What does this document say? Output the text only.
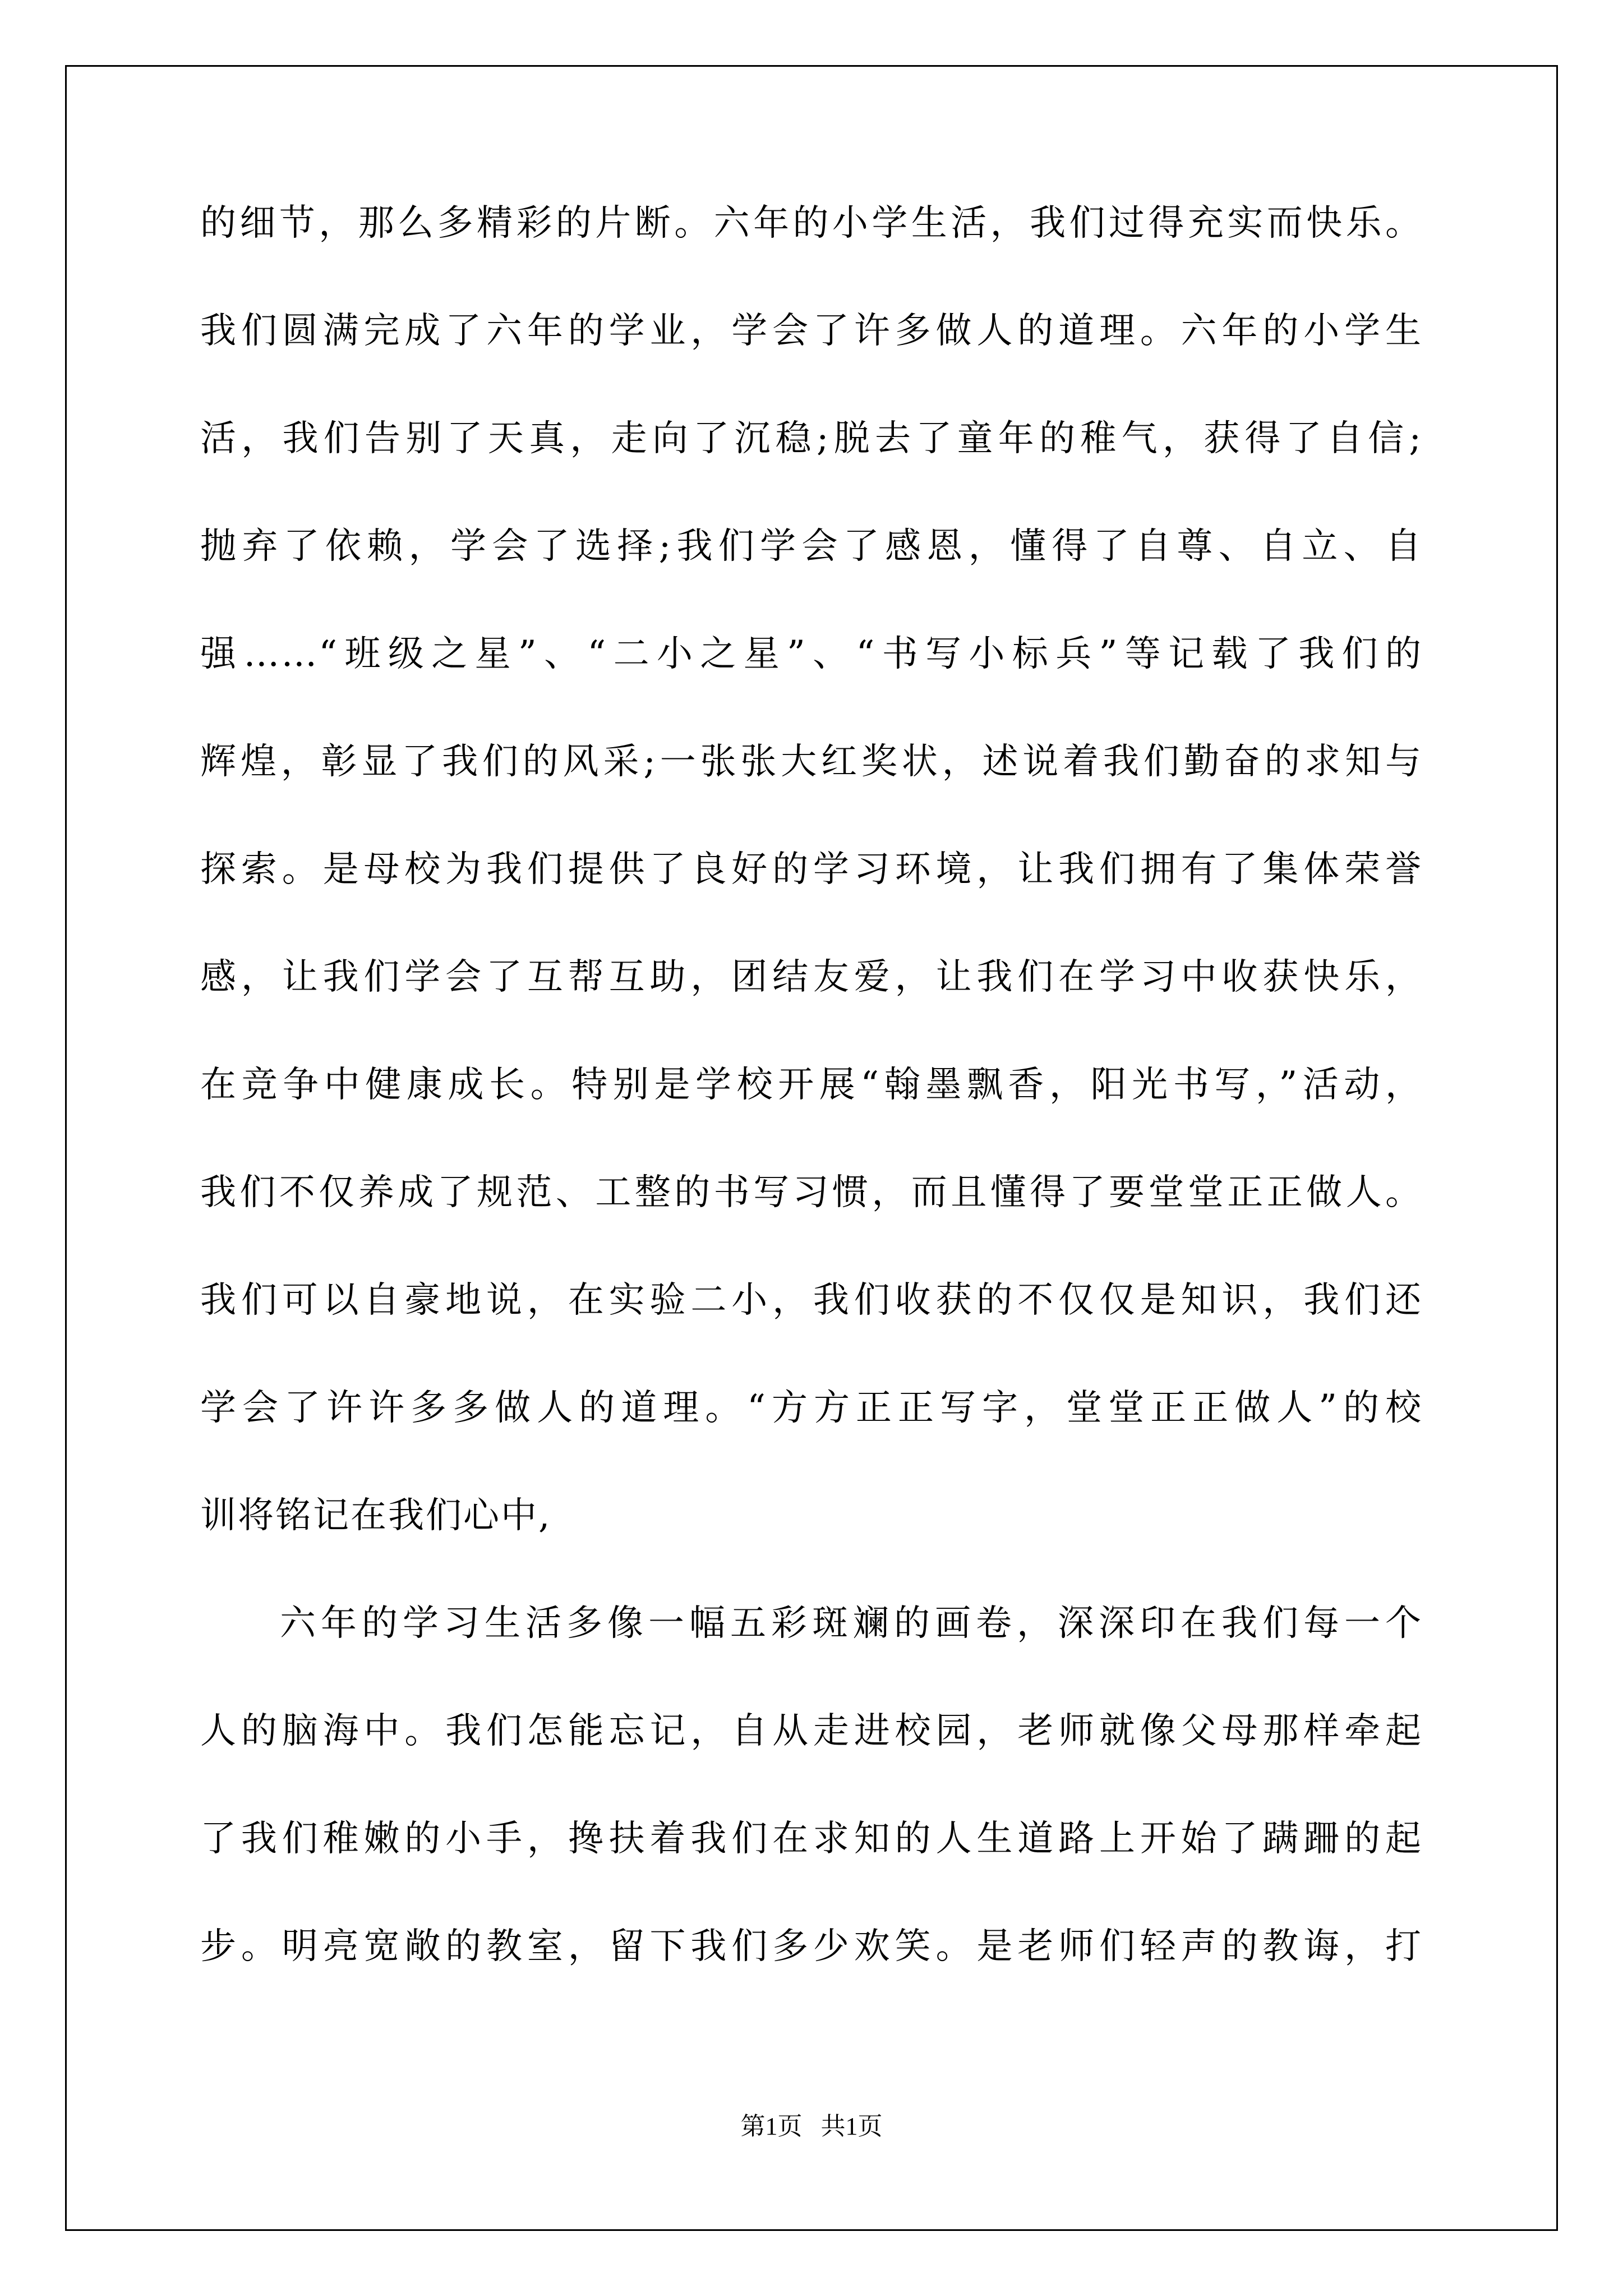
的细节，那么多精彩的片断。六年的小学生活，我们过得充实而快乐。
我们圆满完成了六年的学业，学会了许多做人的道理。六年的小学生
活，我们告别了天真，走向了沉稳;脱去了童年的稚气，获得了自信;
抛弃了依赖，学会了选择;我们学会了感恩，懂得了自尊、自立、自
强……“班级之星”、“二小之星”、“书写小标兵”等记载了我们的
辉煌，彰显了我们的风采;一张张大红奖状，述说着我们勤奋的求知与
探索。是母校为我们提供了良好的学习环境，让我们拥有了集体荣誉
感，让我们学会了互帮互助，团结友爱，让我们在学习中收获快乐，
在竞争中健康成长。特别是学校开展“翰墨飘香，阳光书写，”活动，
我们不仅养成了规范、工整的书写习惯，而且懂得了要堂堂正正做人。
我们可以自豪地说，在实验二小，我们收获的不仅仅是知识，我们还
学会了许许多多做人的道理。“方方正正写字，堂堂正正做人”的校
训将铭记在我们心中,
六年的学习生活多像一幅五彩斑斓的画卷，深深印在我们每一个
人的脑海中。我们怎能忘记，自从走进校园，老师就像父母那样牵起
了我们稚嫩的小手，搀扶着我们在求知的人生道路上开始了蹒跚的起
步。明亮宽敞的教室，留下我们多少欢笑。是老师们轻声的教诲，打
第1页   共1页
